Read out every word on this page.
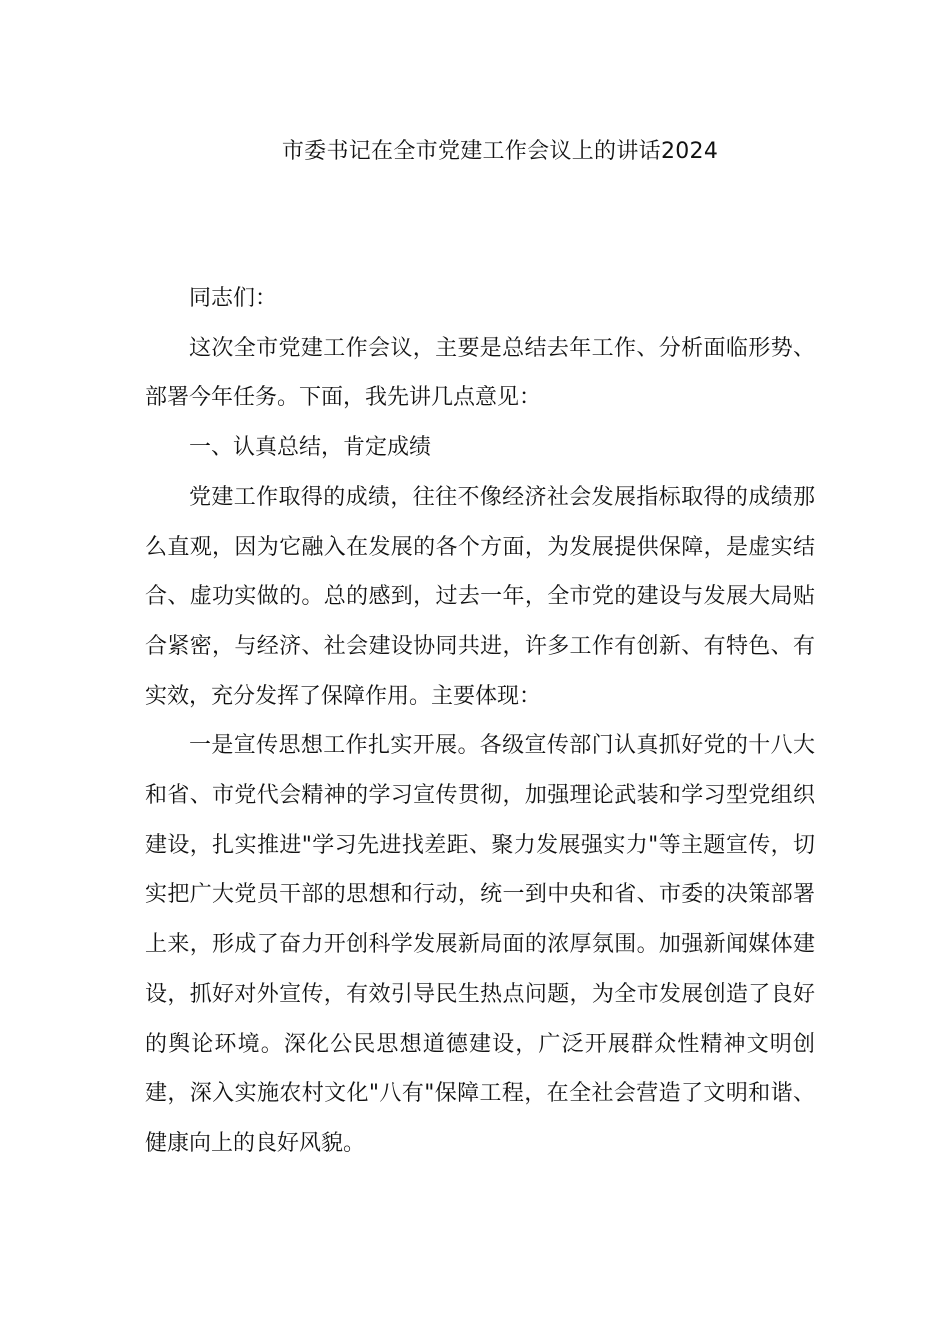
市委书记在全市党建工作会议上的讲话2024

同志们：

这次全市党建工作会议，主要是总结去年工作、分析面临形势、部署今年任务。下面，我先讲几点意见：

一、认真总结，肯定成绩

党建工作取得的成绩，往往不像经济社会发展指标取得的成绩那么直观，因为它融入在发展的各个方面，为发展提供保障，是虚实结合、虚功实做的。总的感到，过去一年，全市党的建设与发展大局贴合紧密，与经济、社会建设协同共进，许多工作有创新、有特色、有实效，充分发挥了保障作用。主要体现：

一是宣传思想工作扎实开展。各级宣传部门认真抓好党的十八大和省、市党代会精神的学习宣传贯彻，加强理论武装和学习型党组织建设，扎实推进"学习先进找差距、聚力发展强实力"等主题宣传，切实把广大党员干部的思想和行动，统一到中央和省、市委的决策部署上来，形成了奋力开创科学发展新局面的浓厚氛围。加强新闻媒体建设，抓好对外宣传，有效引导民生热点问题，为全市发展创造了良好的舆论环境。深化公民思想道德建设，广泛开展群众性精神文明创建，深入实施农村文化"八有"保障工程，在全社会营造了文明和谐、健康向上的良好风貌。
